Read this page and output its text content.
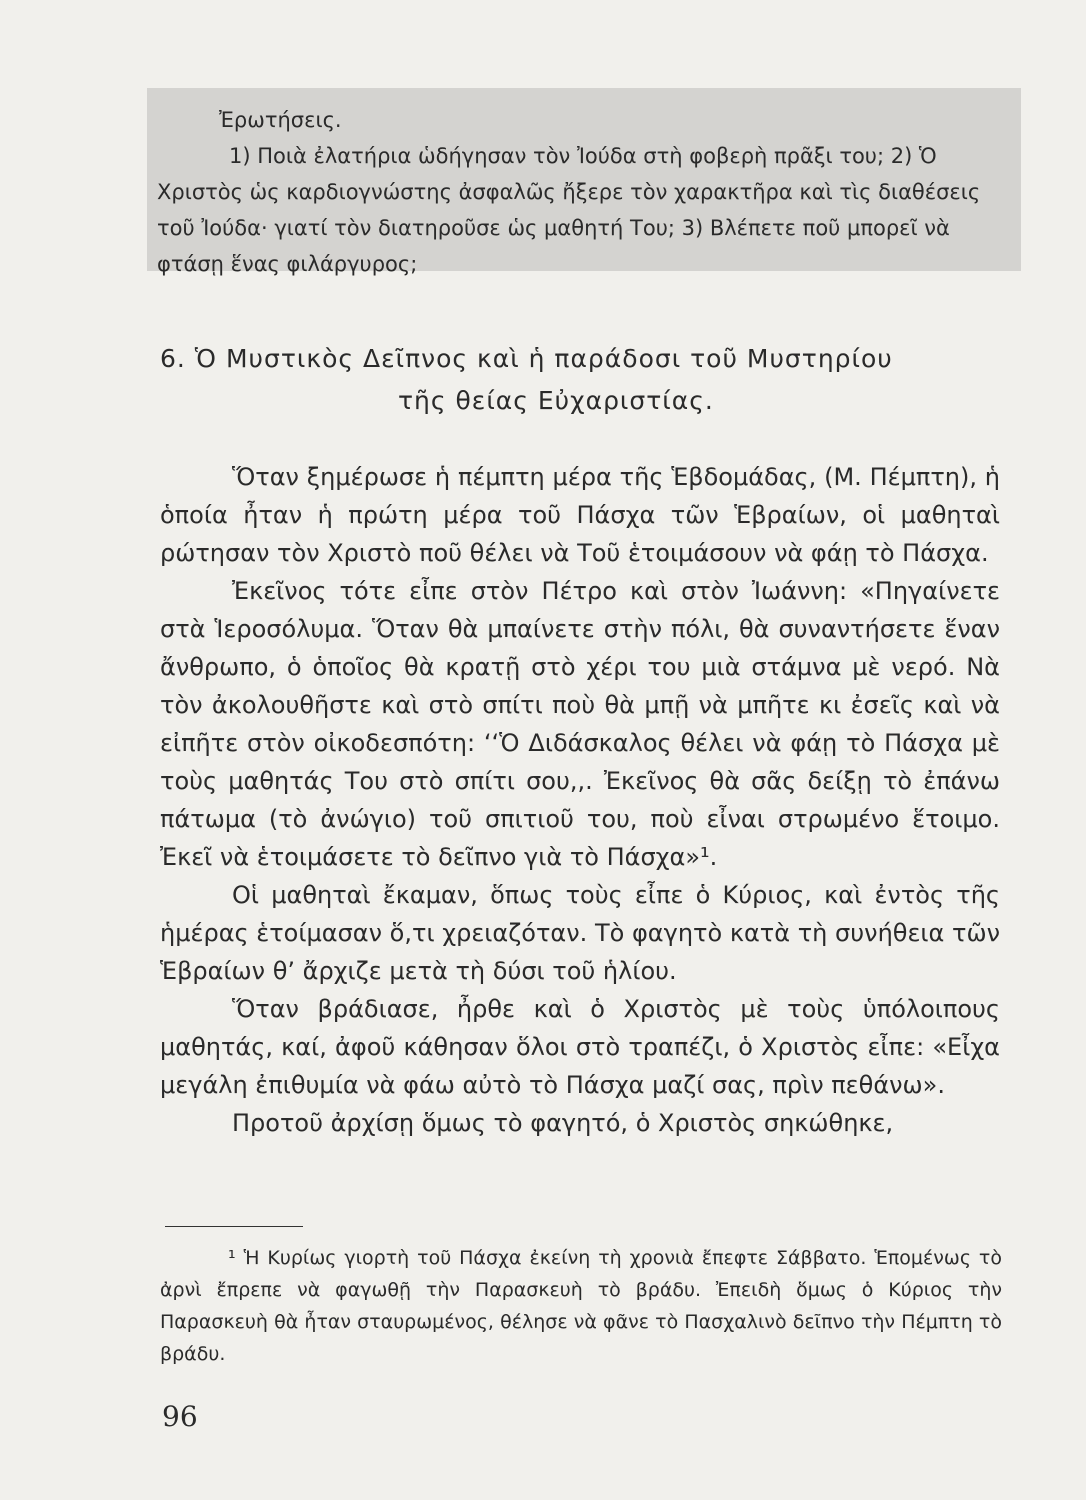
Ἐρωτήσεις.

1) Ποιὰ ἐλατήρια ὡδήγησαν τὸν Ἰούδα στὴ φοβερὴ πρᾶξι του; 2) Ὁ Χριστὸς ὡς καρδιογνώστης ἀσφαλῶς ἤξερε τὸν χαρακτῆρα καὶ τὶς διαθέσεις τοῦ Ἰούδα· γιατί τὸν διατηροῦσε ὡς μαθητή Του; 3) Βλέπετε ποῦ μπορεῖ νὰ φτάσῃ ἕνας φιλάργυρος;

6. Ὁ Μυστικὸς Δεῖπνος καὶ ἡ παράδοσι τοῦ Μυστηρίου
τῆς θείας Εὐχαριστίας.

Ὅταν ξημέρωσε ἡ πέμπτη μέρα τῆς Ἑβδομάδας, (Μ. Πέμπτη), ἡ ὁποία ἦταν ἡ πρώτη μέρα τοῦ Πάσχα τῶν Ἑβραίων, οἱ μαθηταὶ ρώτησαν τὸν Χριστὸ ποῦ θέλει νὰ Τοῦ ἑτοιμάσουν νὰ φάῃ τὸ Πάσχα.

Ἐκεῖνος τότε εἶπε στὸν Πέτρο καὶ στὸν Ἰωάννη: «Πηγαίνετε στὰ Ἱεροσόλυμα. Ὅταν θὰ μπαίνετε στὴν πόλι, θὰ συναντήσετε ἕναν ἄνθρωπο, ὁ ὁποῖος θὰ κρατῇ στὸ χέρι του μιὰ στάμνα μὲ νερό. Νὰ τὸν ἀκολουθῆστε καὶ στὸ σπίτι ποὺ θὰ μπῇ νὰ μπῆτε κι ἐσεῖς καὶ νὰ εἰπῆτε στὸν οἰκοδεσπότη: ‘‘Ὁ Διδάσκαλος θέλει νὰ φάῃ τὸ Πάσχα μὲ τοὺς μαθητάς Του στὸ σπίτι σου,,. Ἐκεῖνος θὰ σᾶς δείξῃ τὸ ἐπάνω πάτωμα (τὸ ἀνώγιο) τοῦ σπιτιοῦ του, ποὺ εἶναι στρωμένο ἕτοιμο. Ἐκεῖ νὰ ἑτοιμάσετε τὸ δεῖπνο γιὰ τὸ Πάσχα»¹.

Οἱ μαθηταὶ ἔκαμαν, ὅπως τοὺς εἶπε ὁ Κύριος, καὶ ἐντὸς τῆς ἡμέρας ἑτοίμασαν ὅ,τι χρειαζόταν. Τὸ φαγητὸ κατὰ τὴ συνήθεια τῶν Ἑβραίων θ’ ἄρχιζε μετὰ τὴ δύσι τοῦ ἡλίου.

Ὅταν βράδιασε, ἦρθε καὶ ὁ Χριστὸς μὲ τοὺς ὑπόλοιπους μαθητάς, καί, ἀφοῦ κάθησαν ὅλοι στὸ τραπέζι, ὁ Χριστὸς εἶπε: «Εἶχα μεγάλη ἐπιθυμία νὰ φάω αὐτὸ τὸ Πάσχα μαζί σας, πρὶν πεθάνω».

Προτοῦ ἀρχίσῃ ὅμως τὸ φαγητό, ὁ Χριστὸς σηκώθηκε,

¹ Ἡ Κυρίως γιορτὴ τοῦ Πάσχα ἐκείνη τὴ χρονιὰ ἔπεφτε Σάββατο. Ἑπομένως τὸ ἀρνὶ ἔπρεπε νὰ φαγωθῇ τὴν Παρασκευὴ τὸ βράδυ. Ἐπειδὴ ὅμως ὁ Κύριος τὴν Παρασκευὴ θὰ ἦταν σταυρωμένος, θέλησε νὰ φᾶνε τὸ Πασχαλινὸ δεῖπνο τὴν Πέμπτη τὸ βράδυ.

96
